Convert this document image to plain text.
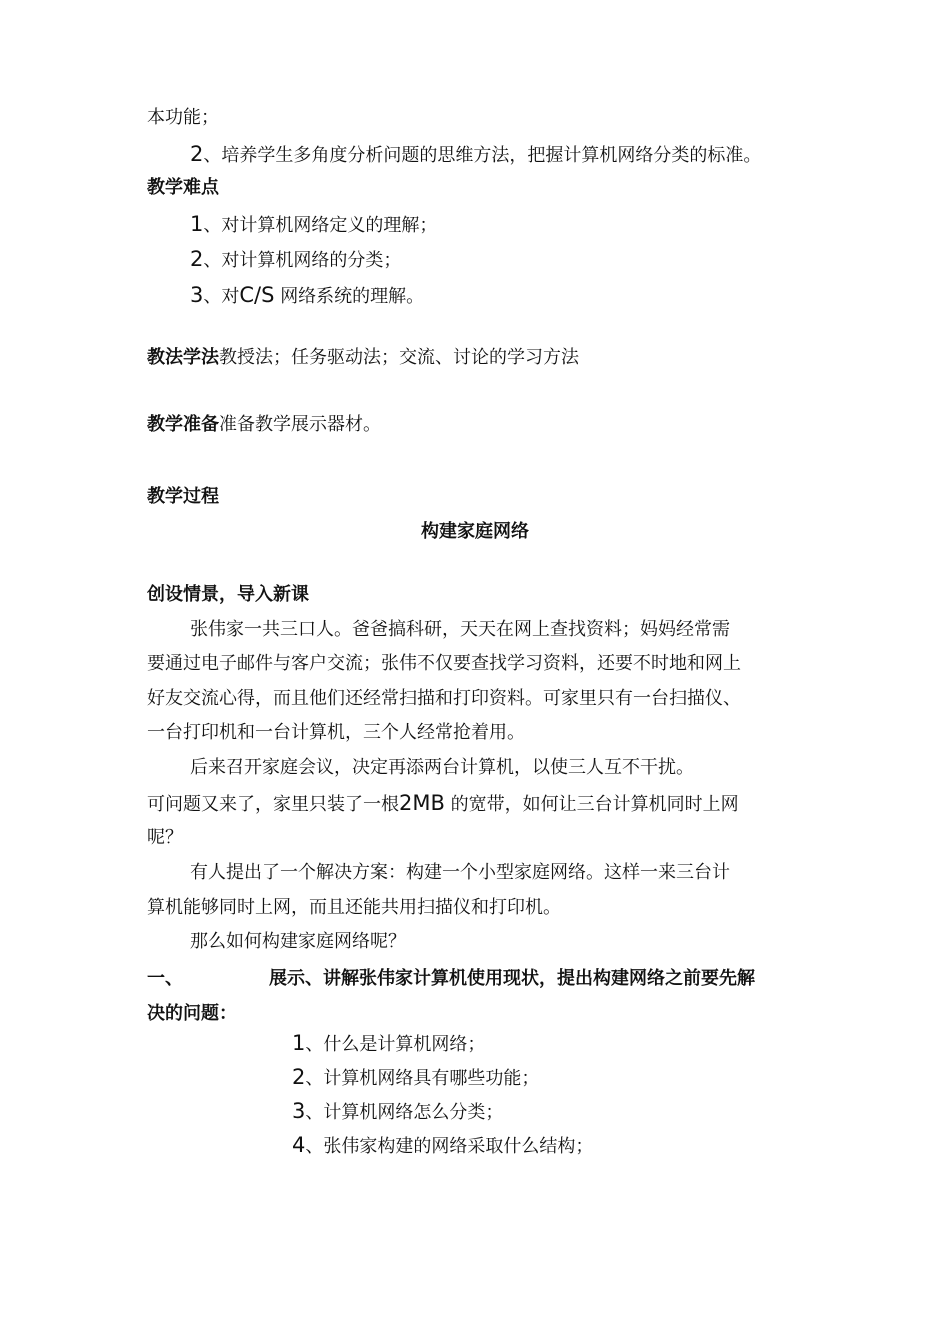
本功能；
2、培养学生多角度分析问题的思维方法，把握计算机网络分类的标准。
教学难点
1、对计算机网络定义的理解；
2、对计算机网络的分类；
3、对C/S 网络系统的理解。
教法学法教授法；任务驱动法；交流、讨论的学习方法
教学准备准备教学展示器材。
教学过程
构建家庭网络
创设情景，导入新课
张伟家一共三口人。爸爸搞科研，天天在网上查找资料；妈妈经常需
要通过电子邮件与客户交流；张伟不仅要查找学习资料，还要不时地和网上
好友交流心得，而且他们还经常扫描和打印资料。可家里只有一台扫描仪、
一台打印机和一台计算机，三个人经常抢着用。
后来召开家庭会议，决定再添两台计算机，以使三人互不干扰。
可问题又来了，家里只装了一根2MB 的宽带，如何让三台计算机同时上网
呢？
有人提出了一个解决方案：构建一个小型家庭网络。这样一来三台计
算机能够同时上网，而且还能共用扫描仪和打印机。
那么如何构建家庭网络呢？
一、	展示、讲解张伟家计算机使用现状，提出构建网络之前要先解
决的问题：
1、什么是计算机网络；
2、计算机网络具有哪些功能；
3、计算机网络怎么分类；
4、张伟家构建的网络采取什么结构；
